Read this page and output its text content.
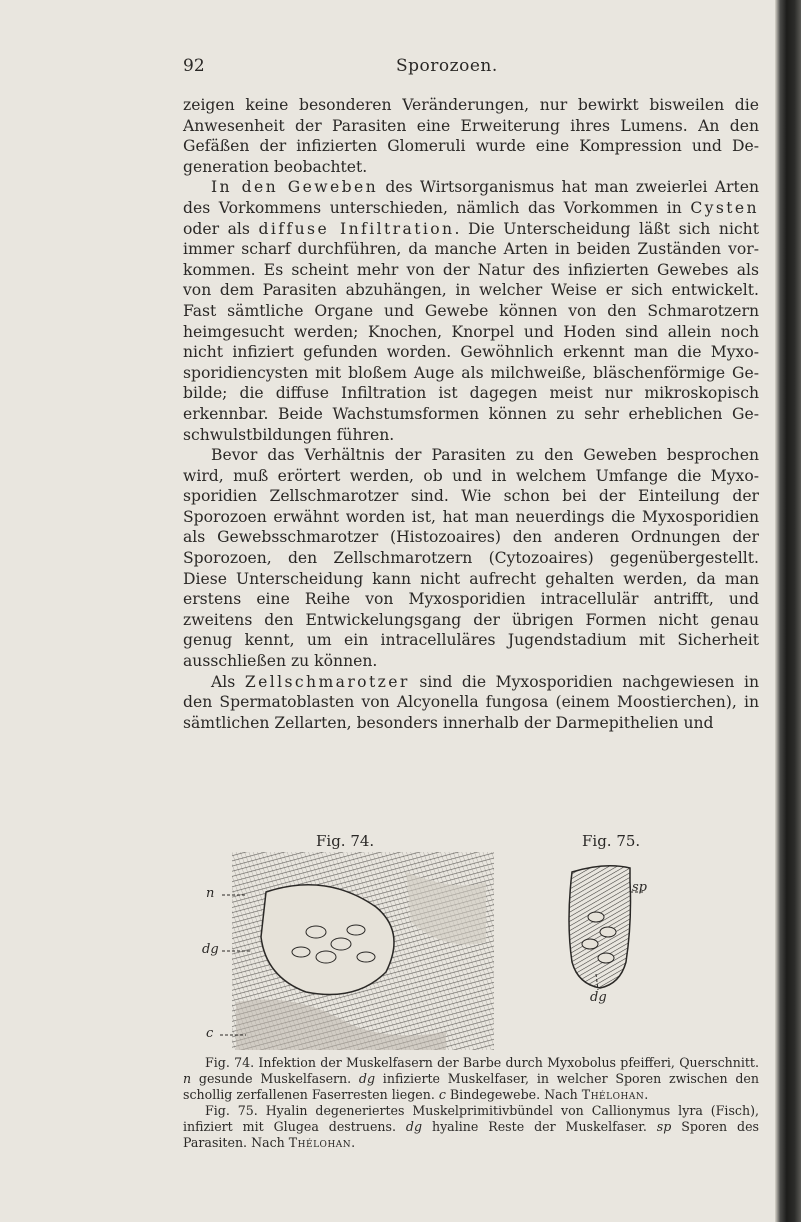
92	Sporozoen.

zeigen keine besonderen Veränderungen, nur bewirkt bisweilen die Anwesenheit der Parasiten eine Erweiterung ihres Lumens. An den Gefäßen der infizierten Glomeruli wurde eine Kompression und De-generation beobachtet.

In den Geweben des Wirtsorganismus hat man zweierlei Arten des Vorkommens unterschieden, nämlich das Vorkommen in Cysten oder als diffuse Infiltration. Die Unterscheidung läßt sich nicht immer scharf durchführen, da manche Arten in beiden Zuständen vor-kommen. Es scheint mehr von der Natur des infizierten Gewebes als von dem Parasiten abzuhängen, in welcher Weise er sich entwickelt. Fast sämtliche Organe und Gewebe können von den Schmarotzern heimgesucht werden; Knochen, Knorpel und Hoden sind allein noch nicht infiziert gefunden worden. Gewöhnlich erkennt man die Myxo-sporidiencysten mit bloßem Auge als milchweiße, bläschenförmige Ge-bilde; die diffuse Infiltration ist dagegen meist nur mikroskopisch erkennbar. Beide Wachstumsformen können zu sehr erheblichen Ge-schwulstbildungen führen.

Bevor das Verhältnis der Parasiten zu den Geweben besprochen wird, muß erörtert werden, ob und in welchem Umfange die Myxo-sporidien Zellschmarotzer sind. Wie schon bei der Einteilung der Sporozoen erwähnt worden ist, hat man neuerdings die Myxosporidien als Gewebsschmarotzer (Histozoaires) den anderen Ordnungen der Sporozoen, den Zellschmarotzern (Cytozoaires) gegenübergestellt. Diese Unterscheidung kann nicht aufrecht gehalten werden, da man erstens eine Reihe von Myxosporidien intracellulär antrifft, und zweitens den Entwickelungsgang der übrigen Formen nicht genau genug kennt, um ein intracelluläres Jugendstadium mit Sicherheit ausschließen zu können.

Als Zellschmarotzer sind die Myxosporidien nachgewiesen in den Spermatoblasten von Alcyonella fungosa (einem Moostierchen), in sämtlichen Zellarten, besonders innerhalb der Darmepithelien und

Fig. 74.	Fig. 75.
n
dg
c
sp
dg

Fig. 74. Infektion der Muskelfasern der Barbe durch Myxobolus pfeifferi, Querschnitt. n gesunde Muskelfasern. dg infizierte Muskelfaser, in welcher Sporen zwischen den schollig zerfallenen Faserresten liegen. c Bindegewebe. Nach Thélohan.

Fig. 75. Hyalin degeneriertes Muskelprimitivbündel von Callionymus lyra (Fisch), infiziert mit Glugea destruens. dg hyaline Reste der Muskelfaser. sp Sporen des Parasiten. Nach Thélohan.
